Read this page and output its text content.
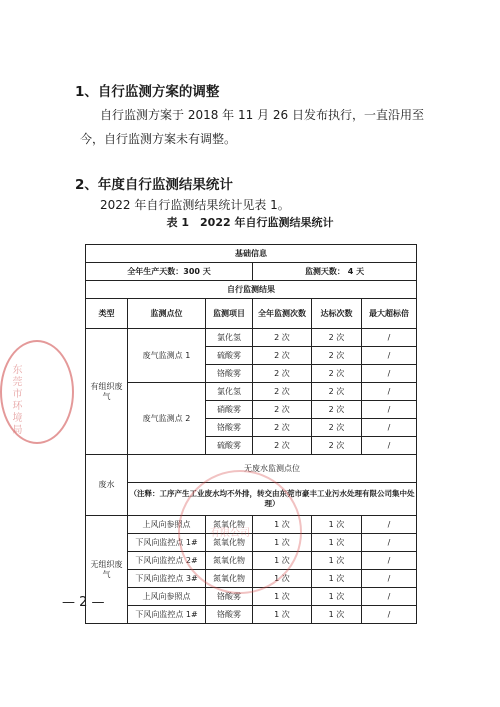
1、自行监测方案的调整
自行监测方案于 2018 年 11 月 26 日发布执行，一直沿用至
今，自行监测方案未有调整。
2、年度自行监测结果统计
2022 年自行监测结果统计见表 1。
表 1　2022 年自行监测结果统计
基础信息					
全年生产天数：300 天			监测天数： 4 天		
自行监测结果					
类型	监测点位	监测项目	全年监测次数	达标次数	最大超标倍
有组织废气	废气监测点 1	氯化氢	2 次	2 次	/
		硫酸雾	2 次	2 次	/
		铬酸雾	2 次	2 次	/
	废气监测点 2	氯化氢	2 次	2 次	/
		硝酸雾	2 次	2 次	/
		铬酸雾	2 次	2 次	/
		硫酸雾	2 次	2 次	/
废水	无废水监测点位				
	（注释：工序产生工业废水均不外排，转交由东莞市豪丰工业污水处理有限公司集中处理）				
无组织废气	上风向参照点	氮氧化物	1 次	1 次	/
	下风向监控点 1#	氮氧化物	1 次	1 次	/
	下风向监控点 2#	氮氧化物	1 次	1 次	/
	下风向监控点 3#	氮氧化物	1 次	1 次	/
	上风向参照点	铬酸雾	1 次	1 次	/
	下风向监控点 1#	铬酸雾	1 次	1 次	/
— 2 —
东莞市环境局
有限公司
